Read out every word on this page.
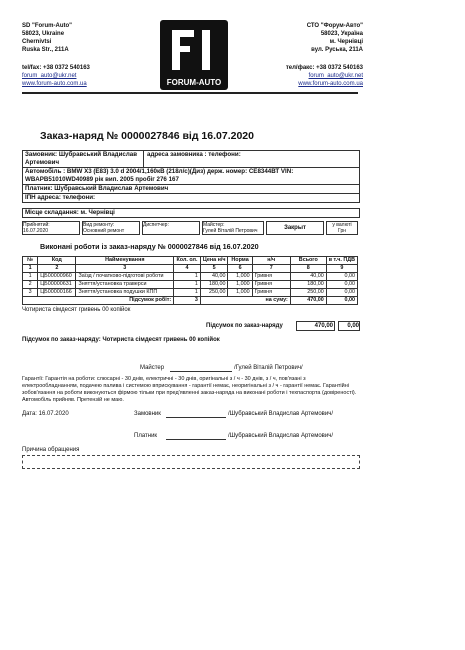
SD "Forum-Auto"
58023, Ukraine
Chernivtsi
Ruska Str., 211A
tel/fax: +38 0372 540163
forum_auto@ukr.net
www.forum-auto.com.ua	FORUM-AUTO
СТО "Форум-Авто"
58023, Україна
м. Чернівці
вул. Руська, 211А
тел/факс: +38 0372 540163
forum_auto@ukr.net
www.forum-auto.com.ua
Заказ-наряд № 0000027846 від 16.07.2020
Замовник: Шубравський Владислав Артемович
адреса замовника : телефони:
Автомобіль : BMW X3 (E83) 3.0 d 2004/1,160кВ (218л/с)(Диз) держ. номер: СЕ8344ВТ VIN: WBAPB51010WD40989 рік вип. 2005 пробіг 276 167
Платник: Шубравський Владислав Артемович
ІПН адреса: телефони:
Місце складання: м. Чернівці
Прийнятий:
16.07.2020
Вид ремонту:
Основний ремонт
Диспетчер:	Майстер:
Гулей Віталій Петрович	Закрыт	у валюті
Грн
Виконані роботи із заказ-наряду № 0000027846 від 16.07.2020
№	Код	Найменування	Кол. ол.	Цена н/ч	Норма	н/ч	Всього	в т.ч. ПДВ
1	2	3	4	5	6	7	8	9
1	ЦБ00000960	Заїзд / початково-підготові роботи	1	40,00	1,000	Гривня	40,00	0,00
2	ЦБ00000631	Зняття/установка траверси	1	180,00	1,000	Гривня	180,00	0,00
3	ЦБ00000166	Зняття/установка подушки КПП	1	250,00	1,000	Гривня	250,00	0,00
Підсумок робіт:			3	на суму:			470,00	0,00
Чотириста сімдесят гривень 00 копійок
Підсумок по заказ-наряду	470,00	0,00
Підсумок по заказ-наряду: Чотириста сімдесят гривень 00 копійок
Майстер	/Гулей Віталій Петрович/
Гарантії: Гарантія на роботи: слюсарні - 30 днів, електричні - 30 днів, оригінальні з / ч - 30 днів, з / ч, пов'язані з електрообладнанням, подачею палива і системою вприскування - гарантії немає, неоригінальні з / ч - гарантії немає. Гарантійні зобов'язання на роботи виконуються фірмою тільки при пред'явленні заказ-наряда на виконані роботи і техпаспорта (довіреності). Автомобіль прийняв. Претензій не маю.
Дата: 16.07.2020	Замовник	/Шубравський Владислав Артемович/
Платник	/Шубравський Владислав Артемович/
Причина обращения
